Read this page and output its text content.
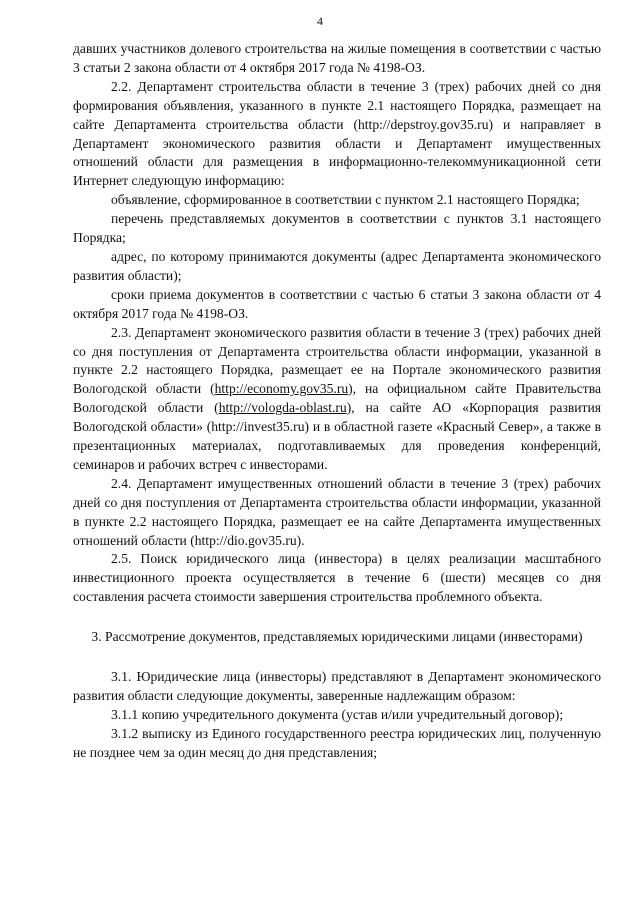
4

давших участников долевого строительства на жилые помещения в соответствии с частью 3 статьи 2 закона области от 4 октября 2017 года № 4198-ОЗ.

2.2. Департамент строительства области в течение 3 (трех) рабочих дней со дня формирования объявления, указанного в пункте 2.1 настоящего Порядка, размещает на сайте Департамента строительства области (http://depstroy.gov35.ru) и направляет в Департамент экономического развития области и Департамент имущественных отношений области для размещения в информационно-телекоммуникационной сети Интернет следующую информацию:

объявление, сформированное в соответствии с пунктом 2.1 настоящего Порядка;

перечень представляемых документов в соответствии с пунктов 3.1 настоящего Порядка;

адрес, по которому принимаются документы (адрес Департамента экономического развития области);

сроки приема документов в соответствии с частью 6 статьи 3 закона области от 4 октября 2017 года № 4198-ОЗ.

2.3. Департамент экономического развития области в течение 3 (трех) рабочих дней со дня поступления от Департамента строительства области информации, указанной в пункте 2.2 настоящего Порядка, размещает ее на Портале экономического развития Вологодской области (http://economy.gov35.ru), на официальном сайте Правительства Вологодской области (http://vologda-oblast.ru), на сайте АО «Корпорация развития Вологодской области» (http://invest35.ru) и в областной газете «Красный Север», а также в презентационных материалах, подготавливаемых для проведения конференций, семинаров и рабочих встреч с инвесторами.

2.4. Департамент имущественных отношений области в течение 3 (трех) рабочих дней со дня поступления от Департамента строительства области информации, указанной в пункте 2.2 настоящего Порядка, размещает ее на сайте Департамента имущественных отношений области (http://dio.gov35.ru).

2.5. Поиск юридического лица (инвестора) в целях реализации масштабного инвестиционного проекта осуществляется в течение 6 (шести) месяцев со дня составления расчета стоимости завершения строительства проблемного объекта.

3. Рассмотрение документов, представляемых юридическими лицами (инвесторами)

3.1. Юридические лица (инвесторы) представляют в Департамент экономического развития области следующие документы, заверенные надлежащим образом:

3.1.1 копию учредительного документа (устав и/или учредительный договор);

3.1.2 выписку из Единого государственного реестра юридических лиц, полученную не позднее чем за один месяц до дня представления;
